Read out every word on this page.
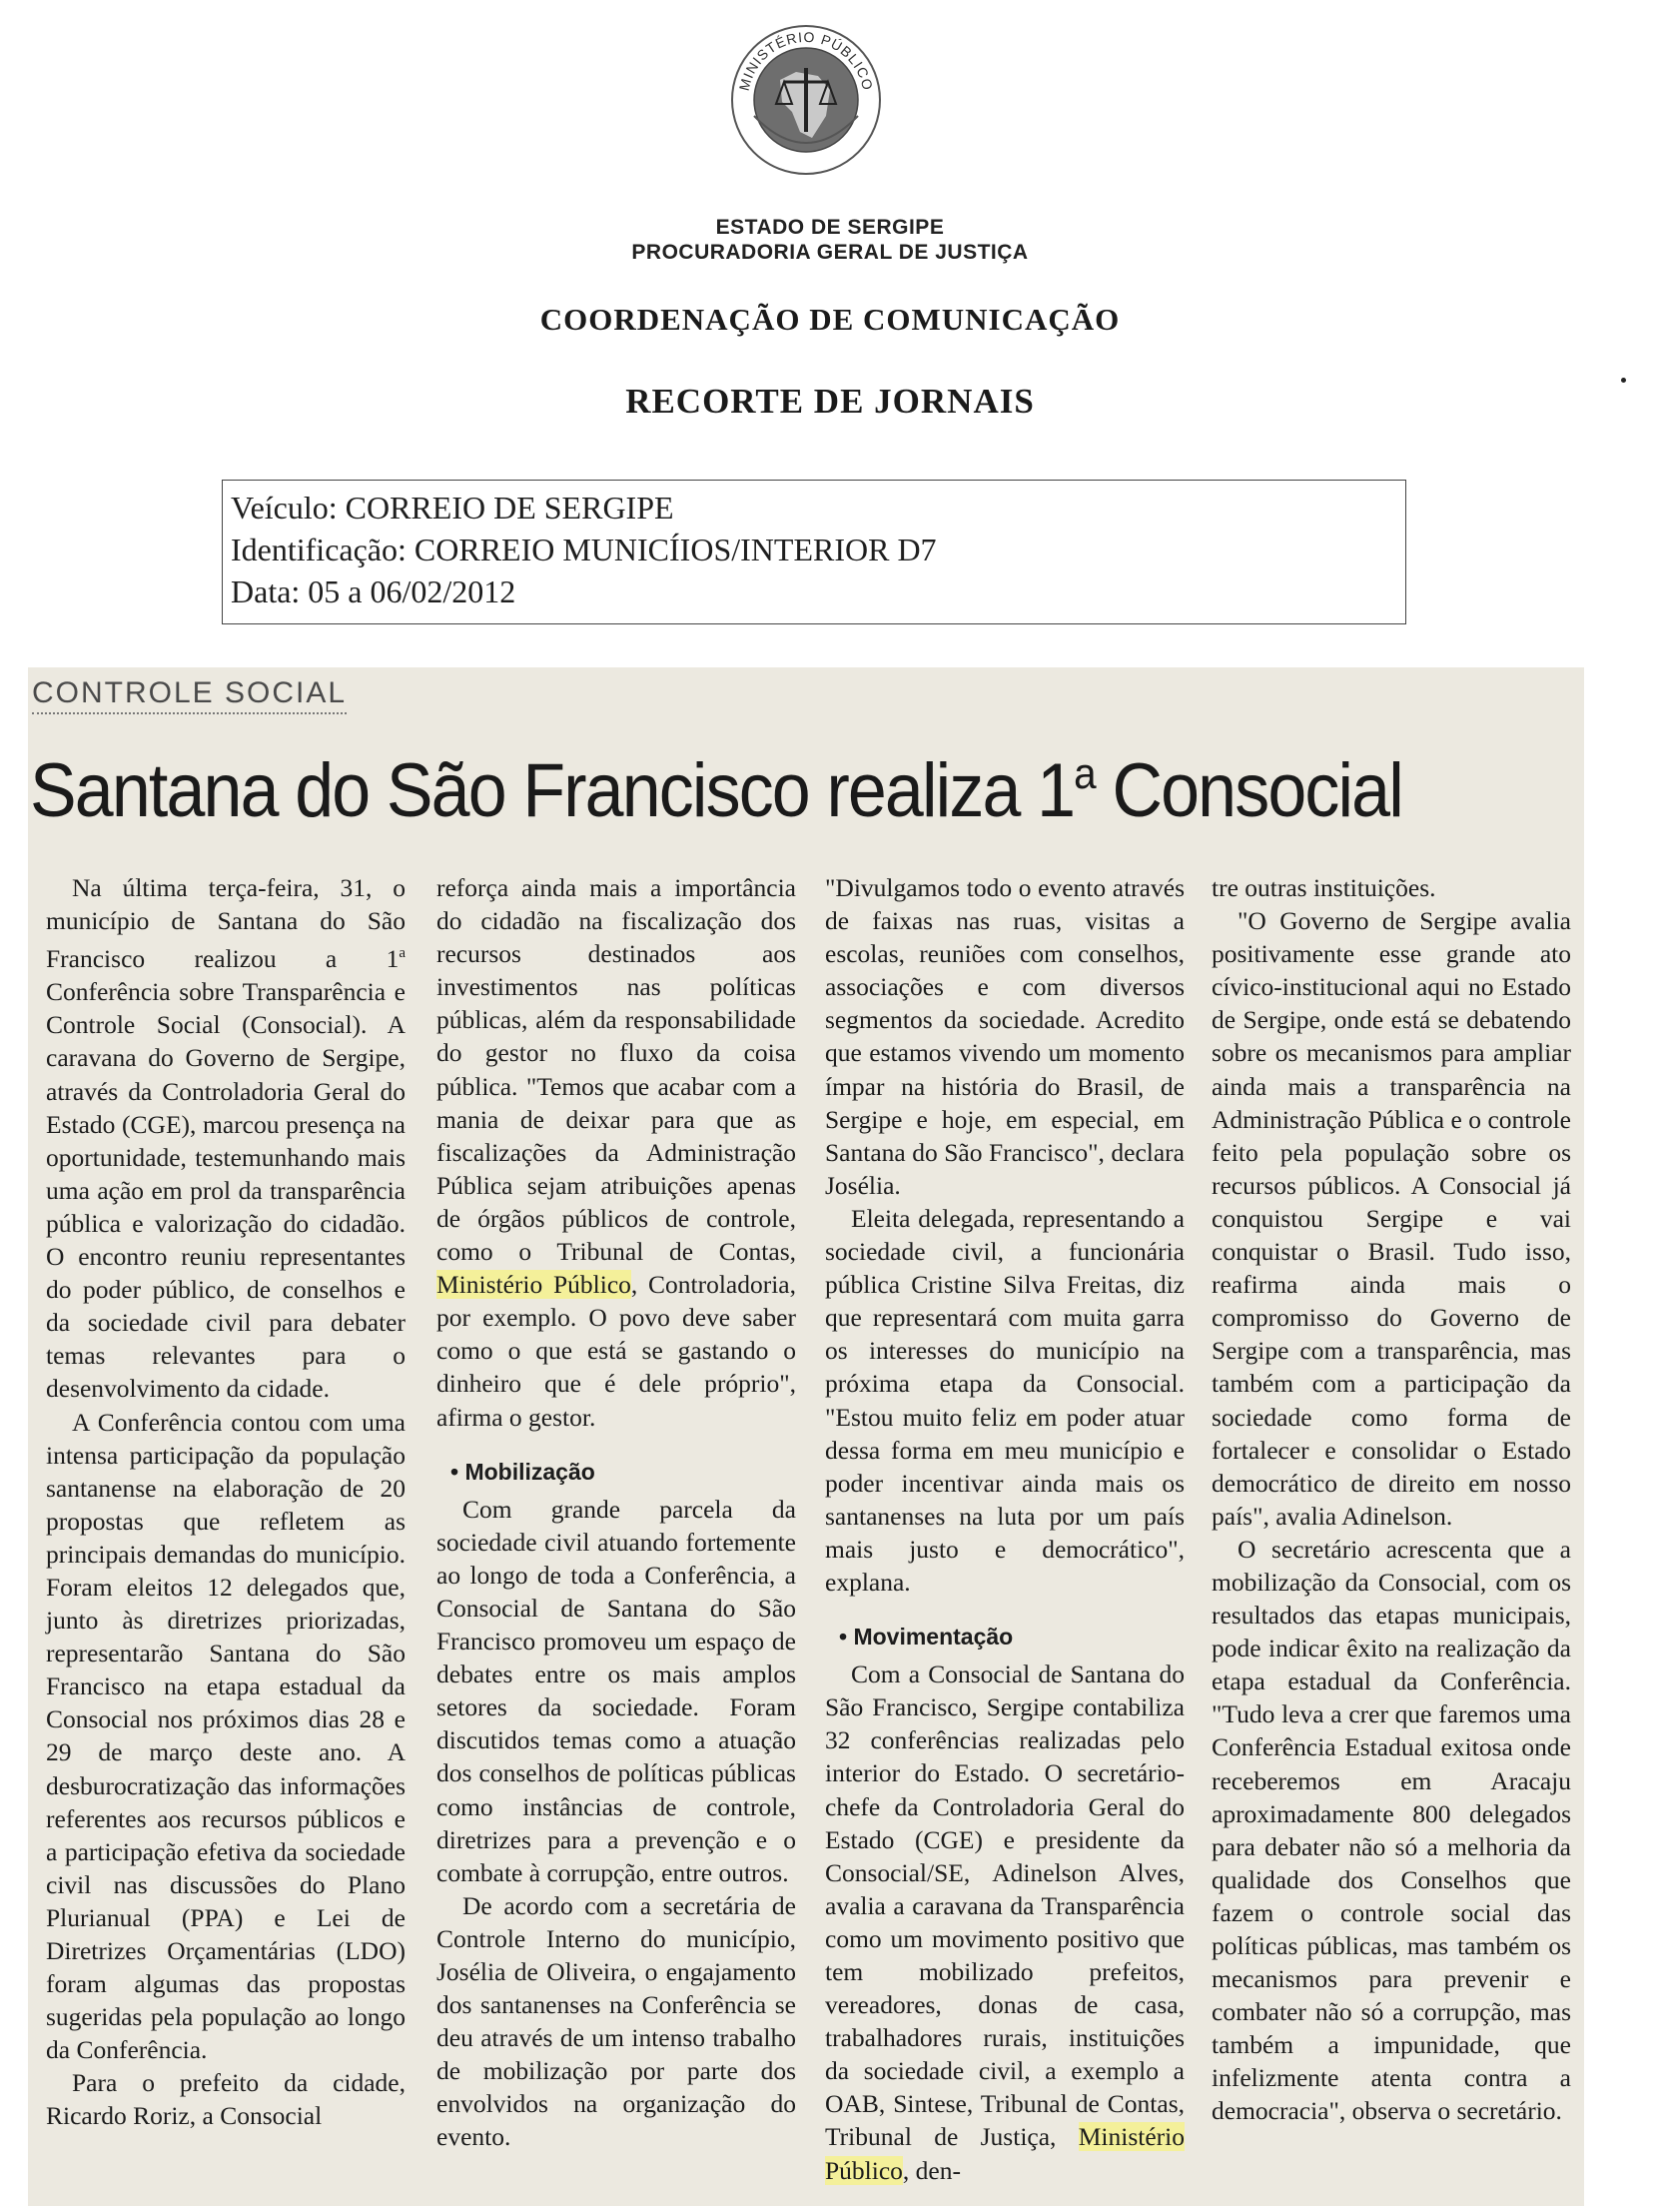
MINISTÉRIO PÚBLICO
ESTADO DE SERGIPE
PROCURADORIA GERAL DE JUSTIÇA
COORDENAÇÃO DE COMUNICAÇÃO
RECORTE DE JORNAIS
Veículo: CORREIO DE SERGIPE
Identificação: CORREIO MUNICÍIOS/INTERIOR D7
Data: 05 a 06/02/2012
CONTROLE SOCIAL
Santana do São Francisco realiza 1$^a$ Consocial

Na última terça-feira, 31, o município de Santana do São Francisco realizou a 1$^a$ Conferência sobre Transparência e Controle Social (Consocial). A caravana do Governo de Sergipe, através da Controladoria Geral do Estado (CGE), marcou presença na oportunidade, testemunhando mais uma ação em prol da transparência pública e valorização do cidadão. O encontro reuniu representantes do poder público, de conselhos e da sociedade civil para debater temas relevantes para o desenvolvimento da cidade.

A Conferência contou com uma intensa participação da população santanense na elaboração de 20 propostas que refletem as principais demandas do município. Foram eleitos 12 delegados que, junto às diretrizes priorizadas, representarão Santana do São Francisco na etapa estadual da Consocial nos próximos dias 28 e 29 de março deste ano. A desburocratização das informações referentes aos recursos públicos e a participação efetiva da sociedade civil nas discussões do Plano Plurianual (PPA) e Lei de Diretrizes Orçamentárias (LDO) foram algumas das propostas sugeridas pela população ao longo da Conferência.

Para o prefeito da cidade, Ricardo Roriz, a Consocial

reforça ainda mais a importância do cidadão na fiscalização dos recursos destinados aos investimentos nas políticas públicas, além da responsabilidade do gestor no fluxo da coisa pública. "Temos que acabar com a mania de deixar para que as fiscalizações da Administração Pública sejam atribuições apenas de órgãos públicos de controle, como o Tribunal de Contas, Ministério Público, Controladoria, por exemplo. O povo deve saber como o que está se gastando o dinheiro que é dele próprio", afirma o gestor.

• Mobilização

Com grande parcela da sociedade civil atuando fortemente ao longo de toda a Conferência, a Consocial de Santana do São Francisco promoveu um espaço de debates entre os mais amplos setores da sociedade. Foram discutidos temas como a atuação dos conselhos de políticas públicas como instâncias de controle, diretrizes para a prevenção e o combate à corrupção, entre outros.

De acordo com a secretária de Controle Interno do município, Josélia de Oliveira, o engajamento dos santanenses na Conferência se deu através de um intenso trabalho de mobilização por parte dos envolvidos na organização do evento.

"Divulgamos todo o evento através de faixas nas ruas, visitas a escolas, reuniões com conselhos, associações e com diversos segmentos da sociedade. Acredito que estamos vivendo um momento ímpar na história do Brasil, de Sergipe e hoje, em especial, em Santana do São Francisco", declara Josélia.

Eleita delegada, representando a sociedade civil, a funcionária pública Cristine Silva Freitas, diz que representará com muita garra os interesses do município na próxima etapa da Consocial. "Estou muito feliz em poder atuar dessa forma em meu município e poder incentivar ainda mais os santanenses na luta por um país mais justo e democrático", explana.

• Movimentação

Com a Consocial de Santana do São Francisco, Sergipe contabiliza 32 conferências realizadas pelo interior do Estado. O secretário-chefe da Controladoria Geral do Estado (CGE) e presidente da Consocial/SE, Adinelson Alves, avalia a caravana da Transparência como um movimento positivo que tem mobilizado prefeitos, vereadores, donas de casa, trabalhadores rurais, instituições da sociedade civil, a exemplo a OAB, Sintese, Tribunal de Contas, Tribunal de Justiça, Ministério Público, den-

tre outras instituições.

"O Governo de Sergipe avalia positivamente esse grande ato cívico-institucional aqui no Estado de Sergipe, onde está se debatendo sobre os mecanismos para ampliar ainda mais a transparência na Administração Pública e o controle feito pela população sobre os recursos públicos. A Consocial já conquistou Sergipe e vai conquistar o Brasil. Tudo isso, reafirma ainda mais o compromisso do Governo de Sergipe com a transparência, mas também com a participação da sociedade como forma de fortalecer e consolidar o Estado democrático de direito em nosso país", avalia Adinelson.

O secretário acrescenta que a mobilização da Consocial, com os resultados das etapas municipais, pode indicar êxito na realização da etapa estadual da Conferência. "Tudo leva a crer que faremos uma Conferência Estadual exitosa onde receberemos em Aracaju aproximadamente 800 delegados para debater não só a melhoria da qualidade dos Conselhos que fazem o controle social das políticas públicas, mas também os mecanismos para prevenir e combater não só a corrupção, mas também a impunidade, que infelizmente atenta contra a democracia", observa o secretário.
